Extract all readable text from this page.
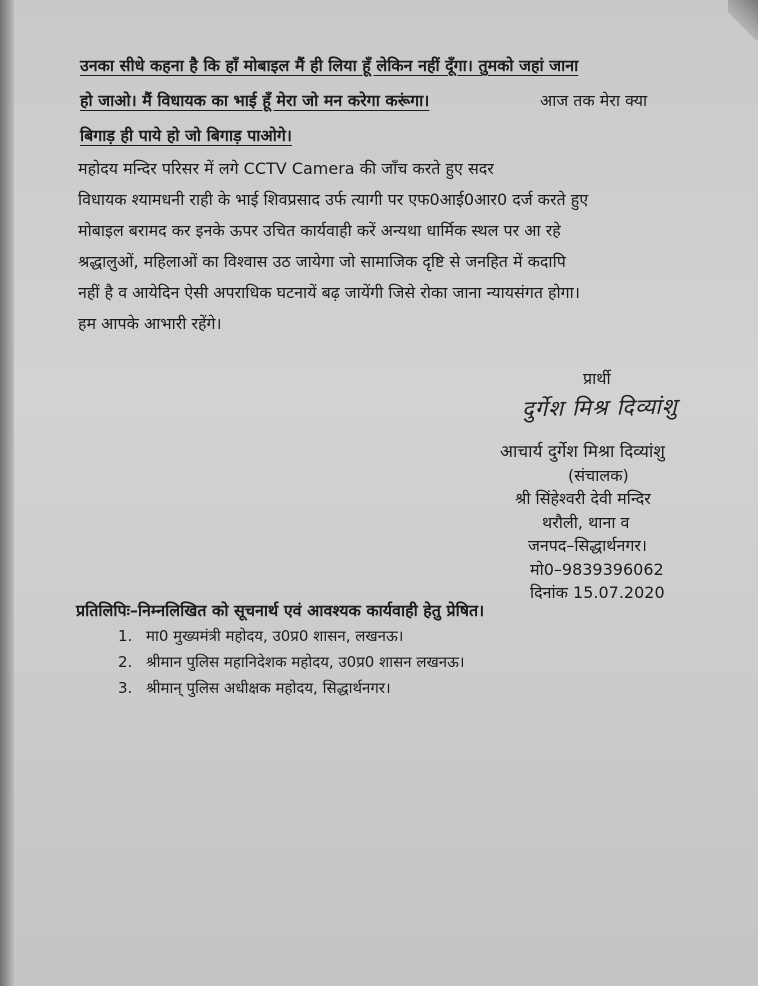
उनका सीधे कहना है कि हाँ मोबाइल मैं ही लिया हूँ लेकिन नहीं दूँगा। तुमको जहां जाना
हो जाओ। मैं विधायक का भाई हूँ मेरा जो मन करेगा करूंगा।	आज तक मेरा क्या
बिगाड़ ही पाये हो जो बिगाड़ पाओगे।
महोदय मन्दिर परिसर में लगे CCTV Camera की जाँच करते हुए सदर
विधायक श्यामधनी राही के भाई शिवप्रसाद उर्फ त्यागी पर एफ0आई0आर0 दर्ज करते हुए
मोबाइल बरामद कर इनके ऊपर उचित कार्यवाही करें अन्यथा धार्मिक स्थल पर आ रहे
श्रद्धालुओं, महिलाओं का विश्वास उठ जायेगा जो सामाजिक दृष्टि से जनहित में कदापि
नहीं है व आयेदिन ऐसी अपराधिक घटनायें बढ़ जायेंगी जिसे रोका जाना न्यायसंगत होगा।
हम आपके आभारी रहेंगे।
प्रार्थी
दुर्गेश मिश्र दिव्यांशु
आचार्य दुर्गेश मिश्रा दिव्यांशु
(संचालक)
श्री सिंहेश्वरी देवी मन्दिर
थरौली, थाना व
जनपद–सिद्धार्थनगर।
मो0–9839396062
दिनांक 15.07.2020
प्रतिलिपिः–निम्नलिखित को सूचनार्थ एवं आवश्यक कार्यवाही हेतु प्रेषित।
1. मा0 मुख्यमंत्री महोदय, उ0प्र0 शासन, लखनऊ।
2. श्रीमान पुलिस महानिदेशक महोदय, उ0प्र0 शासन लखनऊ।
3. श्रीमान् पुलिस अधीक्षक महोदय, सिद्धार्थनगर।
